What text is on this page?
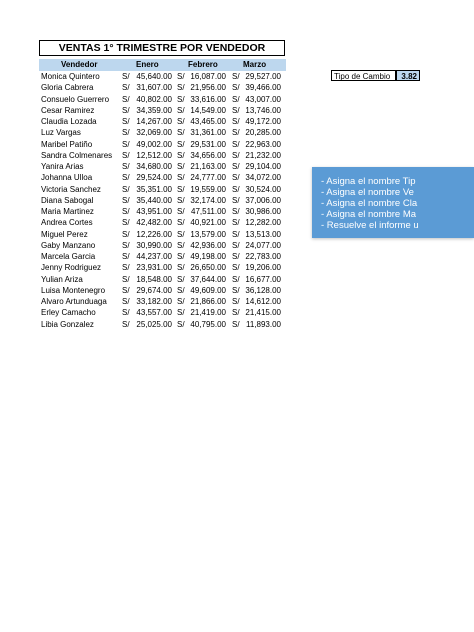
VENTAS 1° TRIMESTRE POR VENDEDOR
Vendedor	Enero	Febrero	Marzo
Monica Quintero	S/ 45,640.00 S/ 16,087.00 S/ 29,527.00
Gloria Cabrera	S/ 31,607.00 S/ 21,956.00 S/ 39,466.00
Consuelo Guerrero S/ 40,802.00 S/ 33,616.00 S/ 43,007.00
Cesar Ramirez	S/ 34,359.00 S/ 14,549.00 S/ 13,746.00
Claudia Lozada	S/ 14,267.00 S/ 43,465.00 S/ 49,172.00
Luz Vargas	S/ 32,069.00 S/ 31,361.00 S/ 20,285.00
Maribel Patiño	S/ 49,002.00 S/ 29,531.00 S/ 22,963.00
Sandra Colmenares S/ 12,512.00 S/ 34,656.00 S/ 21,232.00
Yanira Arias	S/ 34,680.00 S/ 21,163.00 S/ 29,104.00
Johanna Ulloa	S/ 29,524.00 S/ 24,777.00 S/ 34,072.00
Victoria Sanchez	S/ 35,351.00 S/ 19,559.00 S/ 30,524.00
Diana Sabogal	S/ 35,440.00 S/ 32,174.00 S/ 37,006.00
Maria Martinez	S/ 43,951.00 S/ 47,511.00 S/ 30,986.00
Andrea Cortes	S/ 42,482.00 S/ 40,921.00 S/ 12,282.00
Miguel Perez	S/ 12,226.00 S/ 13,579.00 S/ 13,513.00
Gaby Manzano	S/ 30,990.00 S/ 42,936.00 S/ 24,077.00
Marcela Garcia	S/ 44,237.00 S/ 49,198.00 S/ 22,783.00
Jenny Rodriguez	S/ 23,931.00 S/ 26,650.00 S/ 19,206.00
Yulian Ariza	S/ 18,548.00 S/ 37,644.00 S/ 16,677.00
Luisa Montenegro S/ 29,674.00 S/ 49,609.00 S/ 36,128.00
Alvaro Artunduaga S/ 33,182.00 S/ 21,866.00 S/ 14,612.00
Erley Camacho	S/ 43,557.00 S/ 21,419.00 S/ 21,415.00
Libia Gonzalez	S/ 25,025.00 S/ 40,795.00 S/ 11,893.00
Tipo de Cambio	3.82
- Asigna el nombre Tip
- Asigna el nombre Ve
- Asigna el nombre Cla
- Asigna el nombre Ma
- Resuelve el informe u
